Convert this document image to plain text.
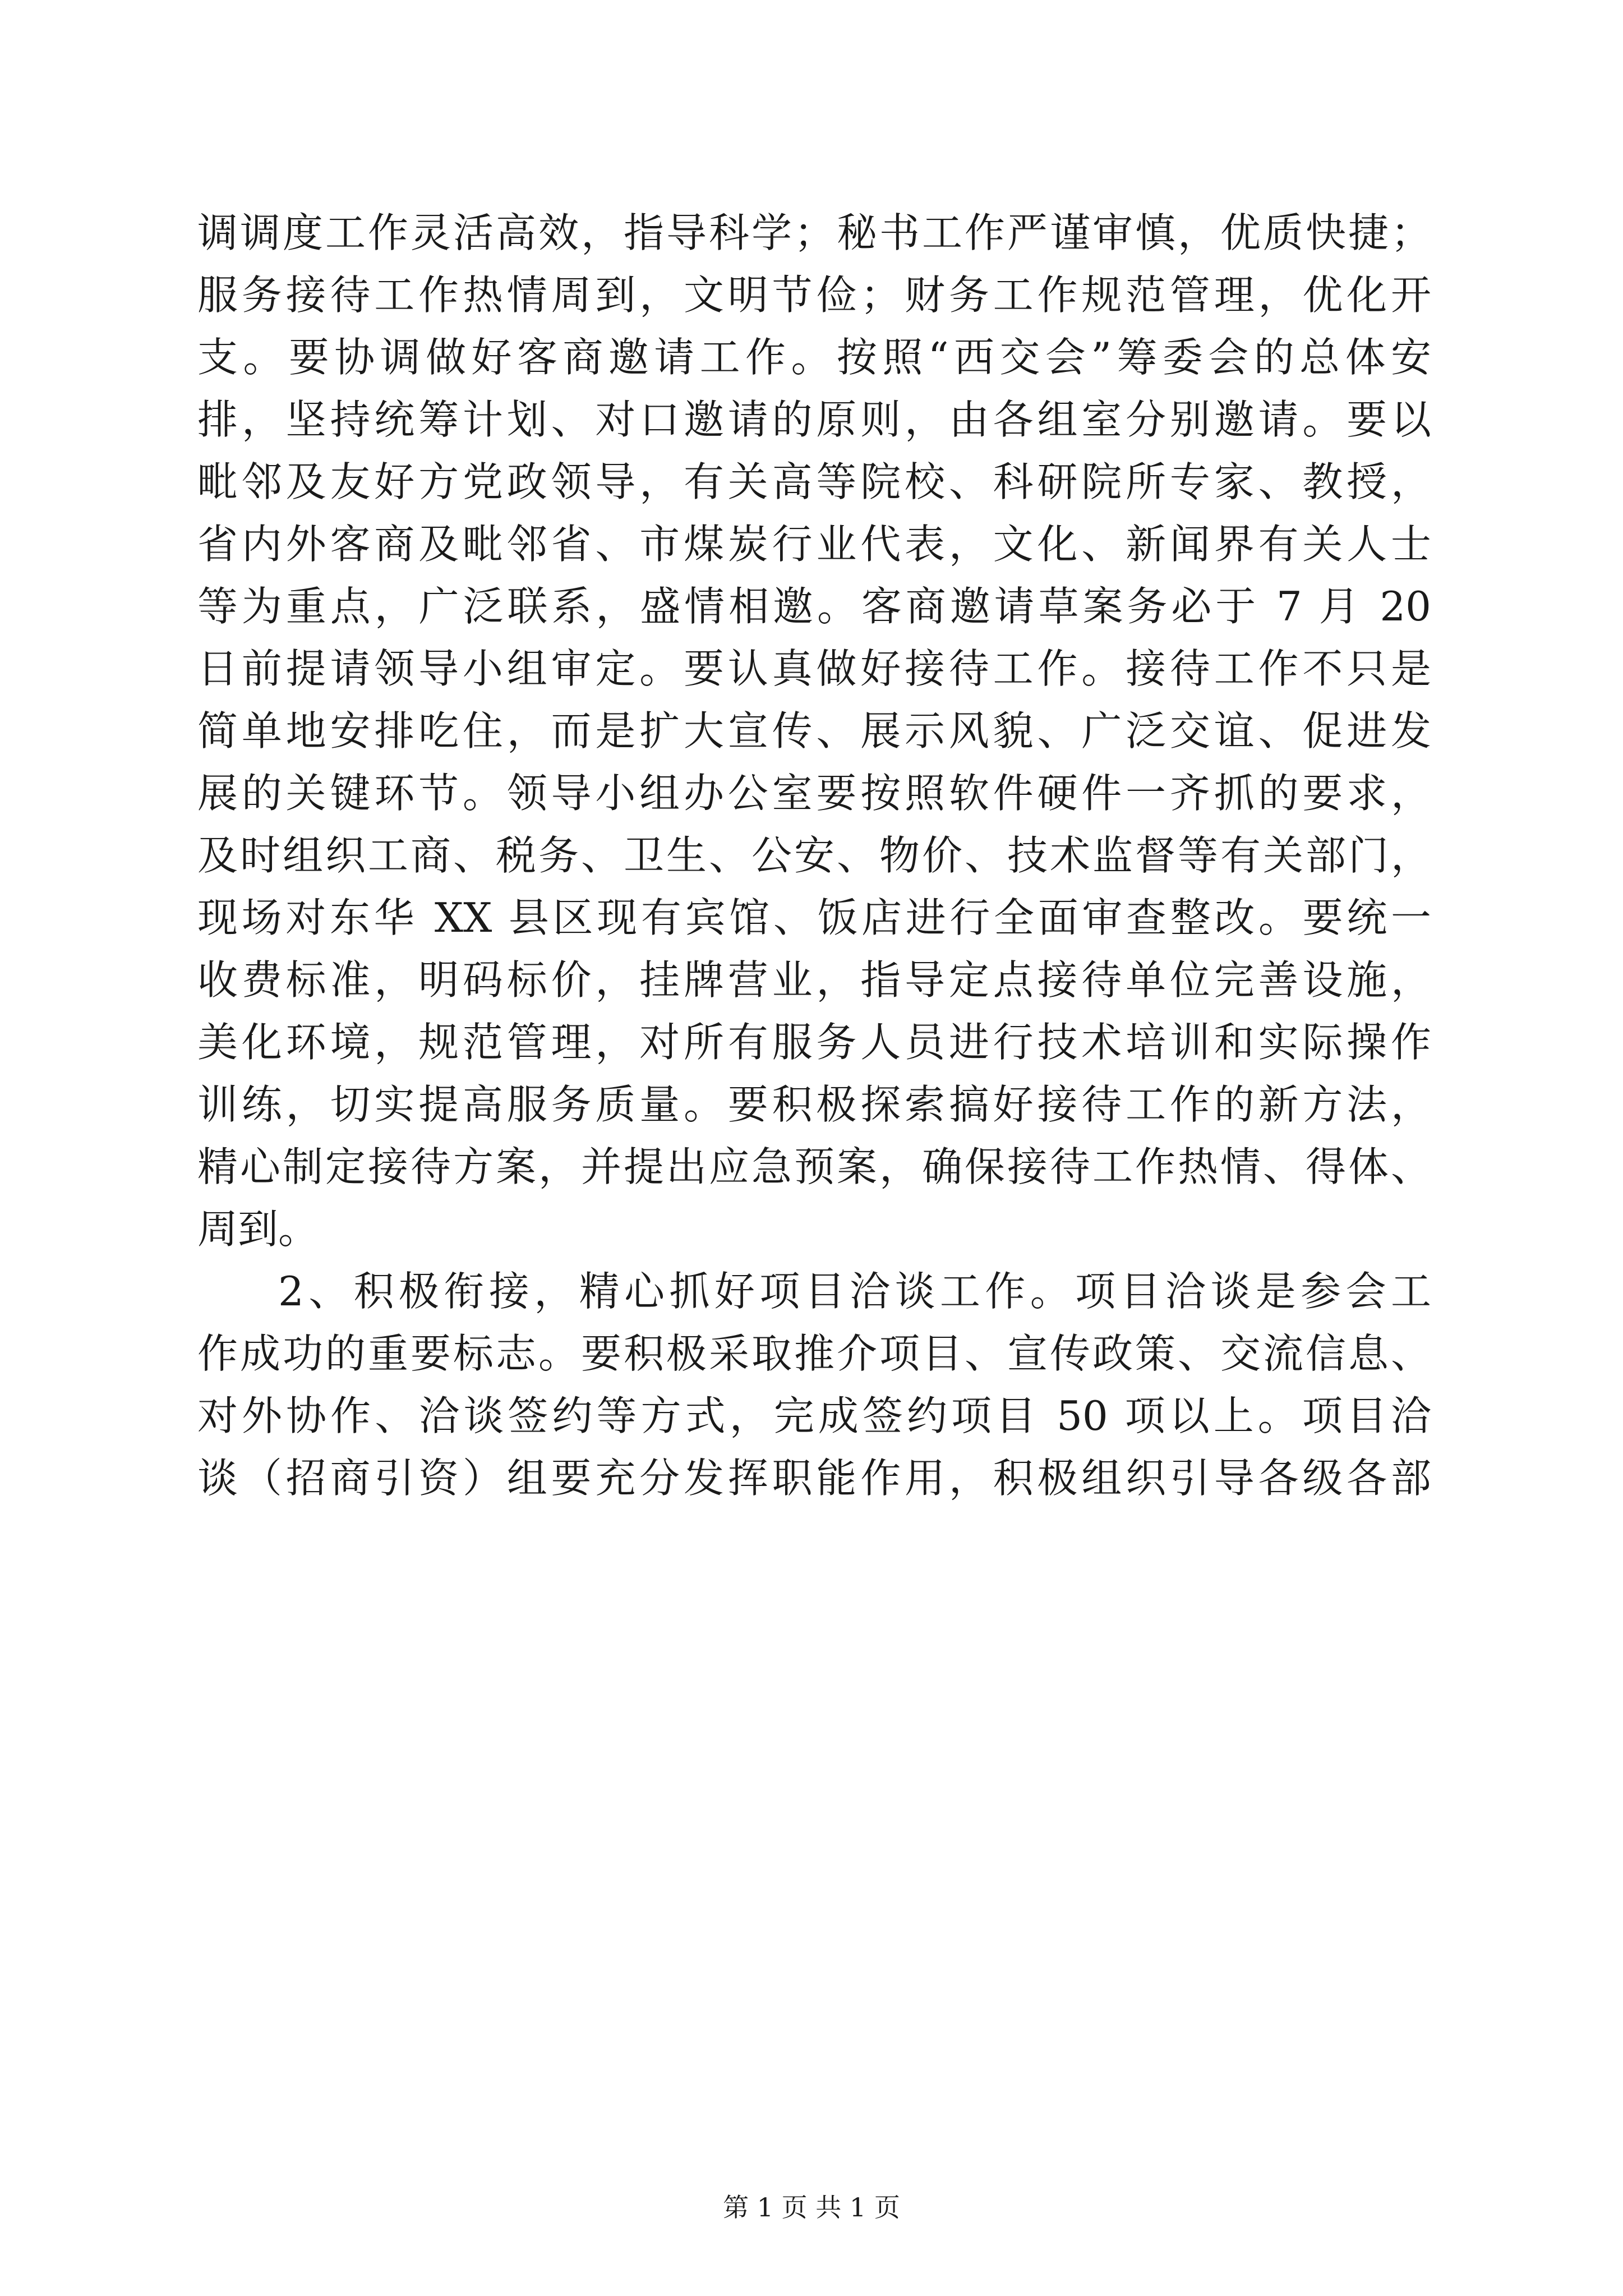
调调度工作灵活高效，指导科学；秘书工作严谨审慎，优质快捷；
服务接待工作热情周到，文明节俭；财务工作规范管理，优化开
支。要协调做好客商邀请工作。按照“西交会”筹委会的总体安
排，坚持统筹计划、对口邀请的原则，由各组室分别邀请。要以
毗邻及友好方党政领导，有关高等院校、科研院所专家、教授，
省内外客商及毗邻省、市煤炭行业代表，文化、新闻界有关人士
等为重点，广泛联系，盛情相邀。客商邀请草案务必于 7 月 20
日前提请领导小组审定。要认真做好接待工作。接待工作不只是
简单地安排吃住，而是扩大宣传、展示风貌、广泛交谊、促进发
展的关键环节。领导小组办公室要按照软件硬件一齐抓的要求，
及时组织工商、税务、卫生、公安、物价、技术监督等有关部门，
现场对东华 XX 县区现有宾馆、饭店进行全面审查整改。要统一
收费标准，明码标价，挂牌营业，指导定点接待单位完善设施，
美化环境，规范管理，对所有服务人员进行技术培训和实际操作
训练，切实提高服务质量。要积极探索搞好接待工作的新方法，
精心制定接待方案，并提出应急预案，确保接待工作热情、得体、
周到。
2、积极衔接，精心抓好项目洽谈工作。项目洽谈是参会工
作成功的重要标志。要积极采取推介项目、宣传政策、交流信息、
对外协作、洽谈签约等方式，完成签约项目 50 项以上。项目洽
谈（招商引资）组要充分发挥职能作用，积极组织引导各级各部
第 1 页 共 1 页
